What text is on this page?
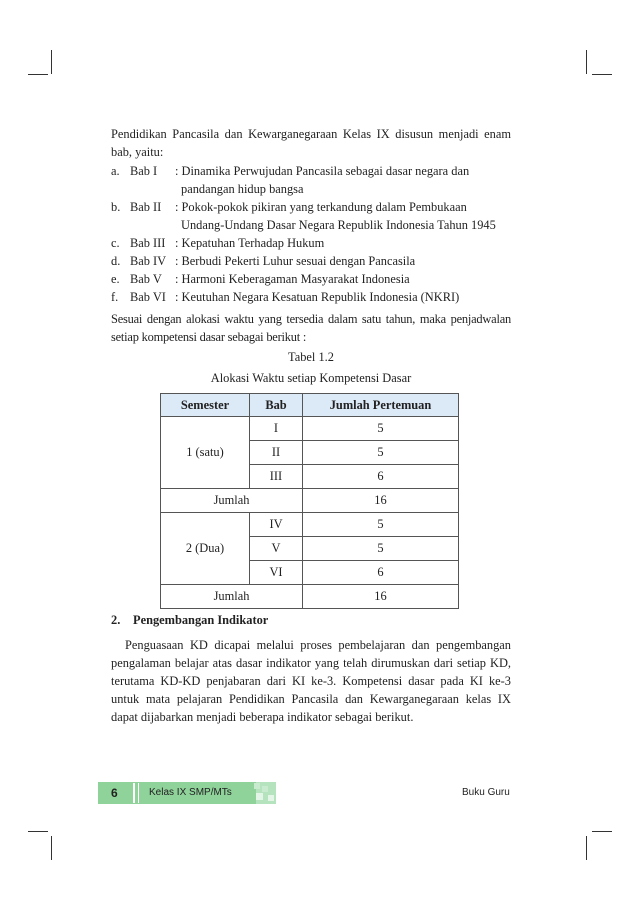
Pendidikan Pancasila dan Kewarganegaraan Kelas IX disusun menjadi enam bab, yaitu:

a. Bab I : Dinamika Perwujudan Pancasila sebagai dasar negara dan
pandangan hidup bangsa
b. Bab II : Pokok-pokok pikiran yang terkandung dalam Pembukaan
Undang-Undang Dasar Negara Republik Indonesia Tahun 1945
c. Bab III : Kepatuhan Terhadap Hukum
d. Bab IV : Berbudi Pekerti Luhur sesuai dengan Pancasila
e. Bab V : Harmoni Keberagaman Masyarakat Indonesia
f. Bab VI : Keutuhan Negara Kesatuan Republik Indonesia (NKRI)

Sesuai dengan alokasi waktu yang tersedia dalam satu tahun, maka penjadwalan setiap kompetensi dasar sebagai berikut :

Tabel 1.2
Alokasi Waktu setiap Kompetensi Dasar
Semester	Bab	Jumlah Pertemuan
1 (satu)	I	5
	II	5
	III	6
Jumlah		16
2 (Dua)	IV	5
	V	5
	VI	6
Jumlah		16
2. Pengembangan Indikator

Penguasaan KD dicapai melalui proses pembelajaran dan pengembangan pengalaman belajar atas dasar indikator yang telah dirumuskan dari setiap KD, terutama KD-KD penjabaran dari KI ke-3. Kompetensi dasar pada KI ke-3 untuk mata pelajaran Pendidikan Pancasila dan Kewarganegaraan kelas IX dapat dijabarkan menjadi beberapa indikator sebagai berikut.

6	Kelas IX SMP/MTs	Buku Guru
